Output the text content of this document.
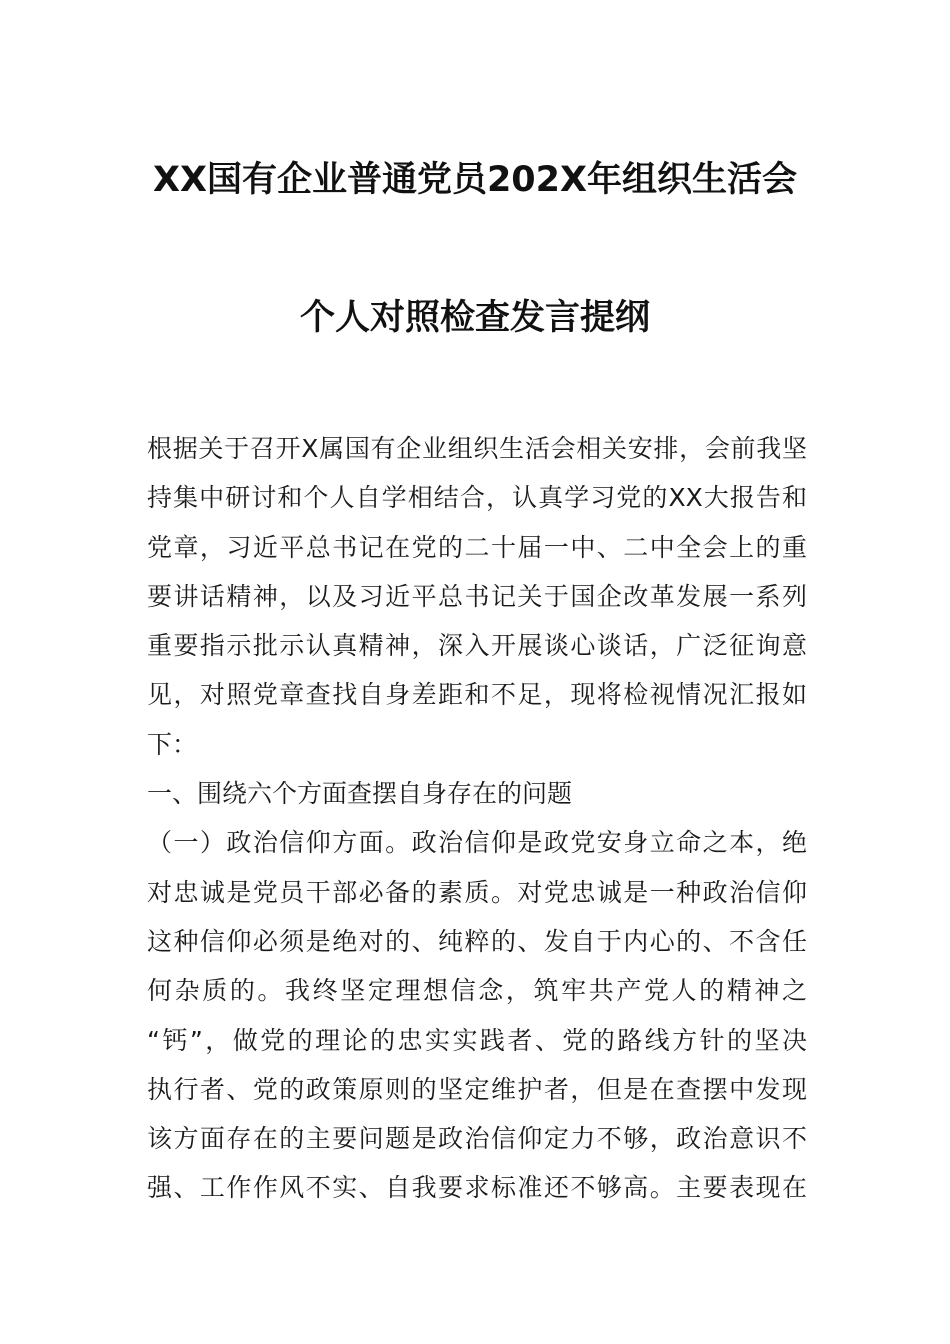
XX国有企业普通党员202X年组织生活会
个人对照检查发言提纲
根据关于召开X属国有企业组织生活会相关安排，会前我坚
持集中研讨和个人自学相结合，认真学习党的XX大报告和
党章，习近平总书记在党的二十届一中、二中全会上的重
要讲话精神，以及习近平总书记关于国企改革发展一系列
重要指示批示认真精神，深入开展谈心谈话，广泛征询意
见，对照党章查找自身差距和不足，现将检视情况汇报如
下：
一、围绕六个方面查摆自身存在的问题
（一）政治信仰方面。政治信仰是政党安身立命之本，绝
对忠诚是党员干部必备的素质。对党忠诚是一种政治信仰
这种信仰必须是绝对的、纯粹的、发自于内心的、不含任
何杂质的。我终坚定理想信念，筑牢共产党人的精神之
“钙”，做党的理论的忠实实践者、党的路线方针的坚决
执行者、党的政策原则的坚定维护者，但是在查摆中发现
该方面存在的主要问题是政治信仰定力不够，政治意识不
强、工作作风不实、自我要求标准还不够高。主要表现在
